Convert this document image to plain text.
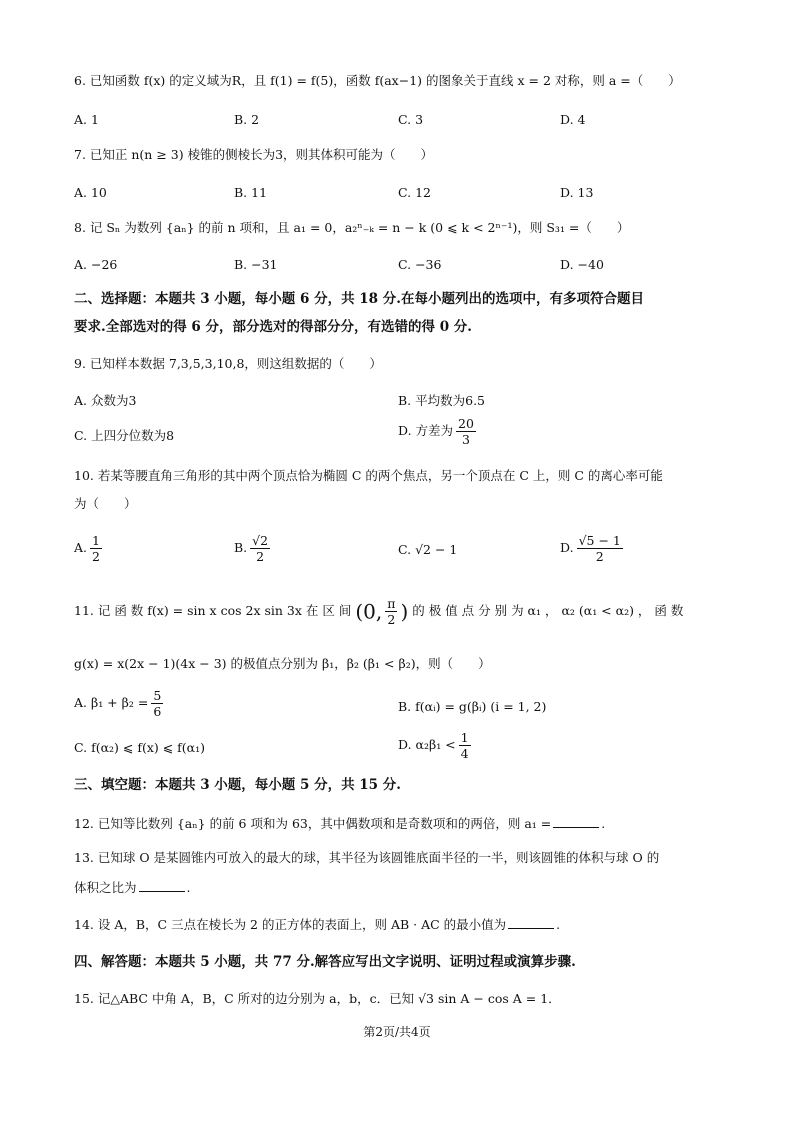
6. 已知函数 f(x) 的定义域为R，且 f(1) = f(5)，函数 f(ax−1) 的图象关于直线 x = 2 对称，则 a =（　　）
A. 1	B. 2	C. 3	D. 4
7. 已知正 n(n ≥ 3) 棱锥的侧棱长为3，则其体积可能为（　　）
A. 10	B. 11	C. 12	D. 13
8. 记 Sₙ 为数列 {aₙ} 的前 n 项和，且 a₁ = 0，a₂ⁿ₋ₖ = n − k (0 ⩽ k < 2ⁿ⁻¹)，则 S₃₁ =（　　）
A. −26	B. −31	C. −36	D. −40
二、选择题：本题共 3 小题，每小题 6 分，共 18 分.在每小题列出的选项中，有多项符合题目
要求.全部选对的得 6 分，部分选对的得部分分，有选错的得 0 分.
9. 已知样本数据 7,3,5,3,10,8，则这组数据的（　　）
A. 众数为3	B. 平均数为6.5
C. 上四分位数为8	D. 方差为 $\frac{20}{3}$
10. 若某等腰直角三角形的其中两个顶点恰为椭圆 C 的两个焦点，另一个顶点在 C 上，则 C 的离心率可能
为（　　）
A. $\frac{1}{2}$	B. $\frac{√2}{2}$	C. √2 − 1	D. $\frac{√5 - 1}{2}$
11. 记 函 数 f(x) = sin x cos 2x sin 3x 在 区 间 (0, $\frac{\pi}{2}$ ) 的 极 值 点 分 别 为 α₁ ， α₂ (α₁ < α₂) ， 函 数
g(x) = x(2x − 1)(4x − 3) 的极值点分别为 β₁，β₂ (β₁ < β₂)，则（　　）
A. $\beta_1 + \beta_2 = \frac{5}{6}$	B. f(αᵢ) = g(βᵢ) (i = 1, 2)
C. f(α₂) ⩽ f(x) ⩽ f(α₁)	D. $\alpha_2\beta_1 < \frac{1}{4}$
三、填空题：本题共 3 小题，每小题 5 分，共 15 分.
12. 已知等比数列 {aₙ} 的前 6 项和为 63，其中偶数项和是奇数项和的两倍，则 a₁ =	.
13. 已知球 O 是某圆锥内可放入的最大的球，其半径为该圆锥底面半径的一半，则该圆锥的体积与球 O 的
体积之比为	.
14. 设 A，B，C 三点在棱长为 2 的正方体的表面上，则 AB · AC 的最小值为	.
四、解答题：本题共 5 小题，共 77 分.解答应写出文字说明、证明过程或演算步骤.
15. 记△ABC 中角 A，B，C 所对的边分别为 a，b，c．已知 √3 sin A − cos A = 1．
第2页/共4页
